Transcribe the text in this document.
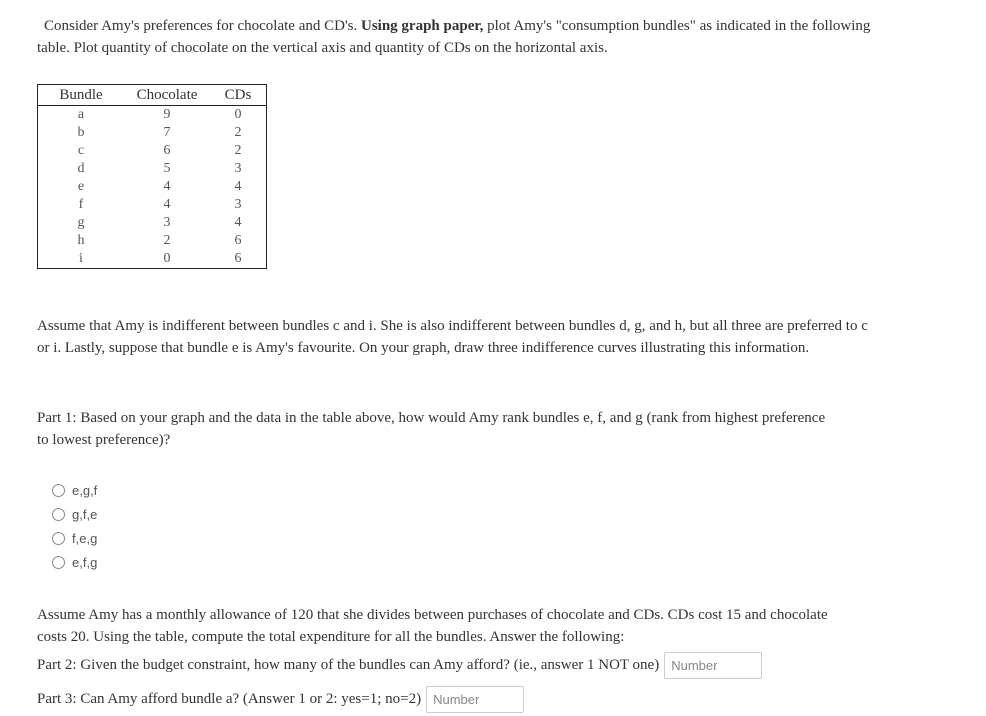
Consider Amy's preferences for chocolate and CD's. Using graph paper, plot Amy's "consumption bundles" as indicated in the following table. Plot quantity of chocolate on the vertical axis and quantity of CDs on the horizontal axis.

Bundle	Chocolate	CDs
a	9	0
b	7	2
c	6	2
d	5	3
e	4	4
f	4	3
g	3	4
h	2	6
i	0	6

Assume that Amy is indifferent between bundles c and i. She is also indifferent between bundles d, g, and h, but all three are preferred to c or i. Lastly, suppose that bundle e is Amy's favourite. On your graph, draw three indifference curves illustrating this information.

Part 1: Based on your graph and the data in the table above, how would Amy rank bundles e, f, and g (rank from highest preference to lowest preference)?

e,g,f
g,f,e
f,e,g
e,f,g

Assume Amy has a monthly allowance of 120 that she divides between purchases of chocolate and CDs. CDs cost 15 and chocolate costs 20. Using the table, compute the total expenditure for all the bundles. Answer the following:

Part 2: Given the budget constraint, how many of the bundles can Amy afford? (ie., answer 1 NOT one)
Number
Part 3: Can Amy afford bundle a? (Answer 1 or 2: yes=1; no=2)
Number
